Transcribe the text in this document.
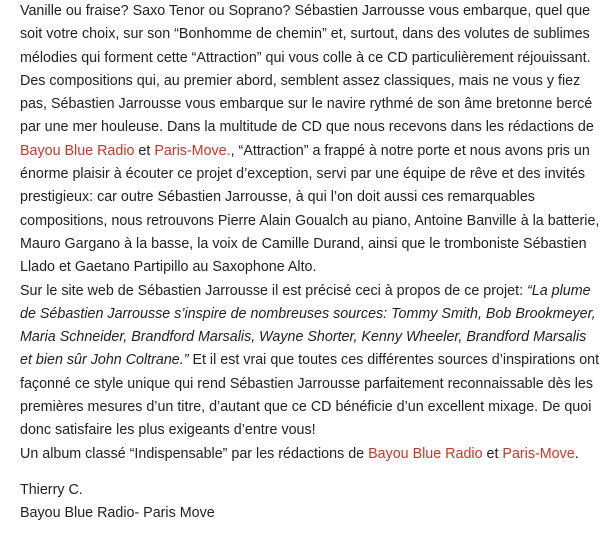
Vanille ou fraise? Saxo Tenor ou Soprano? Sébastien Jarrousse vous embarque, quel que soit votre choix, sur son “Bonhomme de chemin” et, surtout, dans des volutes de sublimes mélodies qui forment cette “Attraction” qui vous colle à ce CD particulièrement réjouissant. Des compositions qui, au premier abord, semblent assez classiques, mais ne vous y fiez pas, Sébastien Jarrousse vous embarque sur le navire rythmé de son âme bretonne bercé par une mer houleuse. Dans la multitude de CD que nous recevons dans les rédactions de Bayou Blue Radio et Paris-Move., “Attraction” a frappé à notre porte et nous avons pris un énorme plaisir à écouter ce projet d’exception, servi par une équipe de rêve et des invités prestigieux: car outre Sébastien Jarrousse, à qui l’on doit aussi ces remarquables compositions, nous retrouvons Pierre Alain Goualch au piano, Antoine Banville à la batterie, Mauro Gargano à la basse, la voix de Camille Durand, ainsi que le tromboniste Sébastien Llado et Gaetano Partipillo au Saxophone Alto.

Sur le site web de Sébastien Jarrousse il est précisé ceci à propos de ce projet: “La plume de Sébastien Jarrousse s’inspire de nombreuses sources: Tommy Smith, Bob Brookmeyer, Maria Schneider, Brandford Marsalis, Wayne Shorter, Kenny Wheeler, Brandford Marsalis et bien sûr John Coltrane.” Et il est vrai que toutes ces différentes sources d’inspirations ont façonné ce style unique qui rend Sébastien Jarrousse parfaitement reconnaissable dès les premières mesures d’un titre, d’autant que ce CD bénéficie d’un excellent mixage. De quoi donc satisfaire les plus exigeants d’entre vous!

Un album classé “Indispensable” par les rédactions de Bayou Blue Radio et Paris-Move.

Thierry C.
Bayou Blue Radio- Paris Move
